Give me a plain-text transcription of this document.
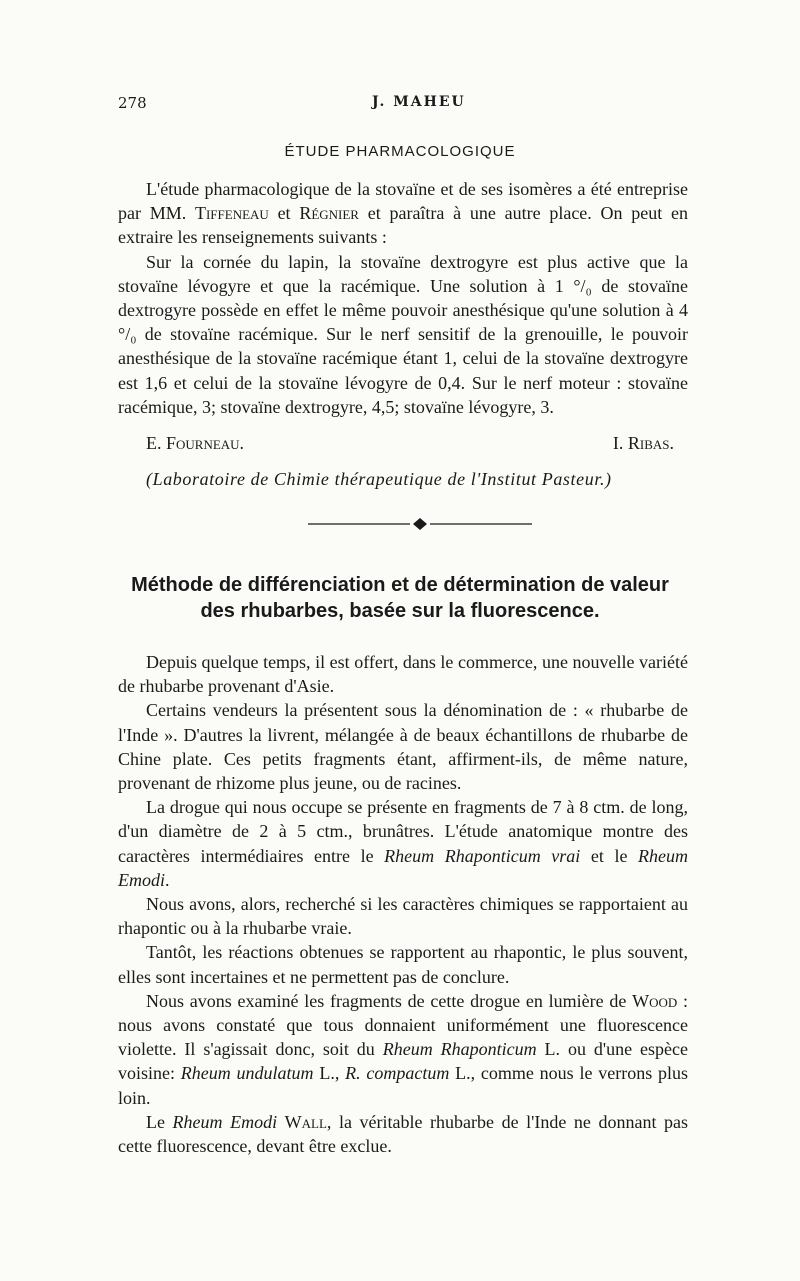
278	J. MAHEU
ÉTUDE PHARMACOLOGIQUE

L'étude pharmacologique de la stovaïne et de ses isomères a été entreprise par MM. Tiffeneau et Régnier et paraîtra à une autre place. On peut en extraire les renseignements suivants :

Sur la cornée du lapin, la stovaïne dextrogyre est plus active que la stovaïne lévogyre et que la racémique. Une solution à 1 °/₀ de stovaïne dextrogyre possède en effet le même pouvoir anesthésique qu'une solution à 4 °/₀ de stovaïne racémique. Sur le nerf sensitif de la grenouille, le pouvoir anesthésique de la stovaïne racémique étant 1, celui de la stovaïne dextrogyre est 1,6 et celui de la stovaïne lévogyre de 0,4. Sur le nerf moteur : stovaïne racémique, 3; stovaïne dextrogyre, 4,5; stovaïne lévogyre, 3.

E. Fourneau.	I. Ribas.
(Laboratoire de Chimie thérapeutique de l'Institut Pasteur.)
Méthode de différenciation et de détermination de valeur
des rhubarbes, basée sur la fluorescence.

Depuis quelque temps, il est offert, dans le commerce, une nouvelle variété de rhubarbe provenant d'Asie.

Certains vendeurs la présentent sous la dénomination de : « rhubarbe de l'Inde ». D'autres la livrent, mélangée à de beaux échantillons de rhubarbe de Chine plate. Ces petits fragments étant, affirment-ils, de même nature, provenant de rhizome plus jeune, ou de racines.

La drogue qui nous occupe se présente en fragments de 7 à 8 ctm. de long, d'un diamètre de 2 à 5 ctm., brunâtres. L'étude anatomique montre des caractères intermédiaires entre le Rheum Rhaponticum vrai et le Rheum Emodi.

Nous avons, alors, recherché si les caractères chimiques se rapportaient au rhapontic ou à la rhubarbe vraie.

Tantôt, les réactions obtenues se rapportent au rhapontic, le plus souvent, elles sont incertaines et ne permettent pas de conclure.

Nous avons examiné les fragments de cette drogue en lumière de Wood : nous avons constaté que tous donnaient uniformément une fluorescence violette. Il s'agissait donc, soit du Rheum Rhaponticum L. ou d'une espèce voisine: Rheum undulatum L., R. compactum L., comme nous le verrons plus loin.

Le Rheum Emodi Wall, la véritable rhubarbe de l'Inde ne donnant pas cette fluorescence, devant être exclue.
